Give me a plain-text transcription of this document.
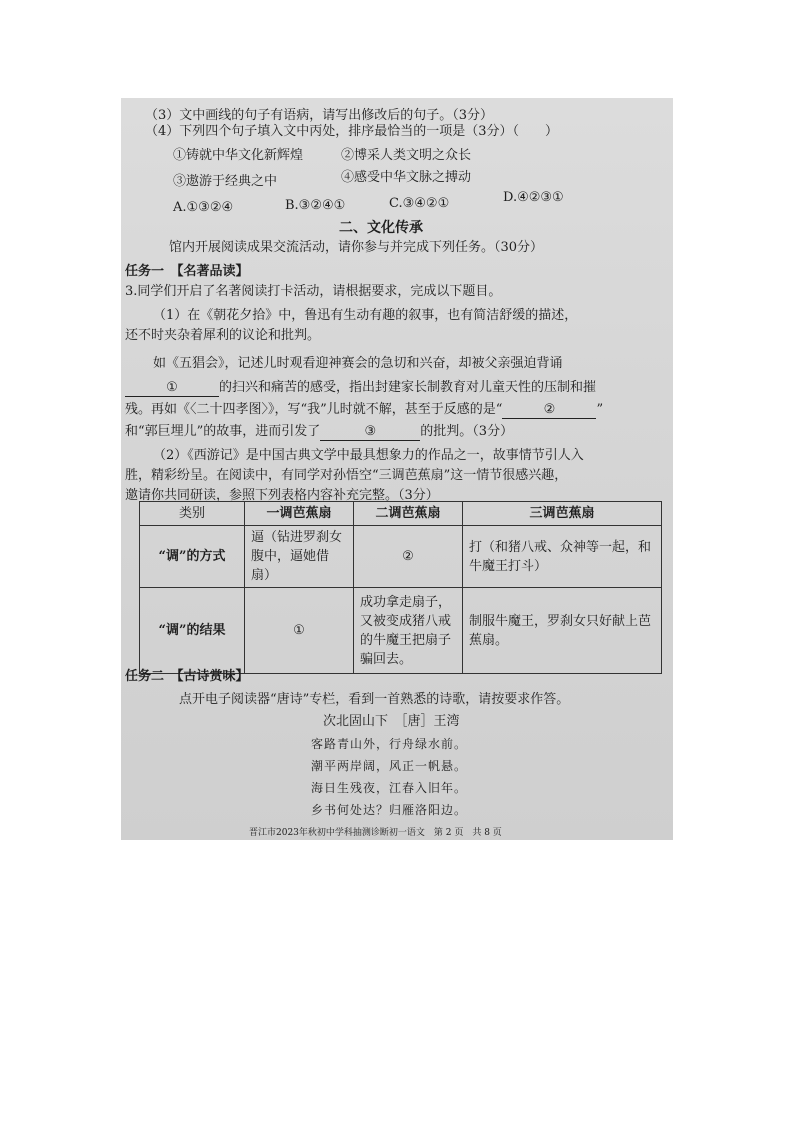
（3）文中画线的句子有语病，请写出修改后的句子。（3分）
（4）下列四个句子填入文中丙处，排序最恰当的一项是（3分）（　　）
①铸就中华文化新辉煌	②博采人类文明之众长
③遨游于经典之中	④感受中华文脉之搏动
A.①③②④	B.③②④①	C.③④②①	D.④②③①
二、文化传承
馆内开展阅读成果交流活动，请你参与并完成下列任务。（30分）
任务一　【名著品读】
3.同学们开启了名著阅读打卡活动，请根据要求，完成以下题目。
（1）在《朝花夕拾》中，鲁迅有生动有趣的叙事，也有简洁舒缓的描述，
还不时夹杂着犀利的议论和批判。
如《五猖会》，记述儿时观看迎神赛会的急切和兴奋，却被父亲强迫背诵
①	的扫兴和痛苦的感受，指出封建家长制教育对儿童天性的压制和摧
残。再如《〈二十四孝图〉》，写“我”儿时就不解，甚至于反感的是“	②	”
和“郭巨埋儿”的故事，进而引发了	③	的批判。（3分）
（2）《西游记》是中国古典文学中最具想象力的作品之一，故事情节引人入
胜，精彩纷呈。在阅读中，有同学对孙悟空“三调芭蕉扇”这一情节很感兴趣，
邀请你共同研读，参照下列表格内容补充完整。（3分）
类别	一调芭蕉扇	二调芭蕉扇	三调芭蕉扇
“调”的方式	逼（钻进罗刹女腹中，逼她借扇）	②	打（和猪八戒、众神等一起，和牛魔王打斗）
“调”的结果	①	成功拿走扇子，又被变成猪八戒的牛魔王把扇子骗回去。	制服牛魔王，罗刹女只好献上芭蕉扇。
任务二　【古诗赏味】
点开电子阅读器“唐诗”专栏，看到一首熟悉的诗歌，请按要求作答。
次北固山下　［唐］王湾
客路青山外，行舟绿水前。
潮平两岸阔，风正一帆悬。
海日生残夜，江春入旧年。
乡书何处达？归雁洛阳边。
晋江市2023年秋初中学科抽测诊断初一语文　第 2 页　共 8 页
